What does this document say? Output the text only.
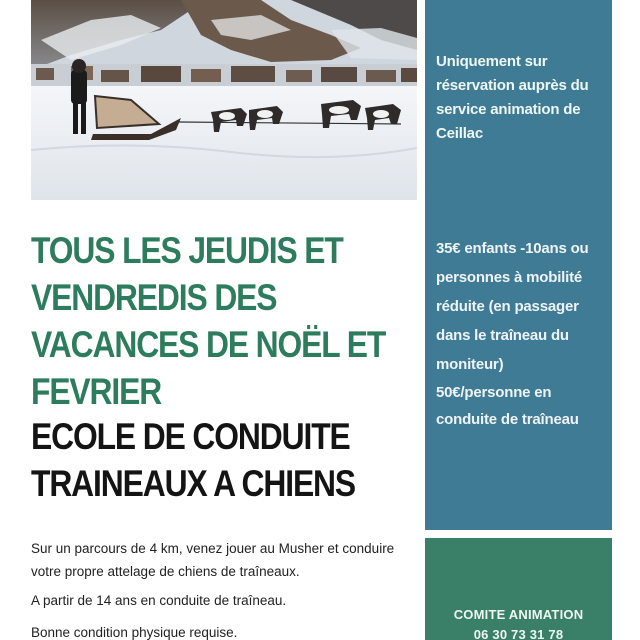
Uniquement sur réservation auprès du service animation de Ceillac
35€ enfants -10ans ou personnes à mobilité réduite (en passager dans le traîneau du moniteur)
50€/personne en conduite de traîneau
TOUS LES JEUDIS ET
VENDREDIS DES
VACANCES DE NOËL ET
FEVRIER
ECOLE DE CONDUITE
TRAINEAUX A CHIENS
Sur un parcours de 4 km, venez jouer au Musher et conduire votre propre attelage de chiens de traîneaux.
A partir de 14 ans en conduite de traîneau.
Bonne condition physique requise.
COMITE ANIMATION
06 30 73 31 78
